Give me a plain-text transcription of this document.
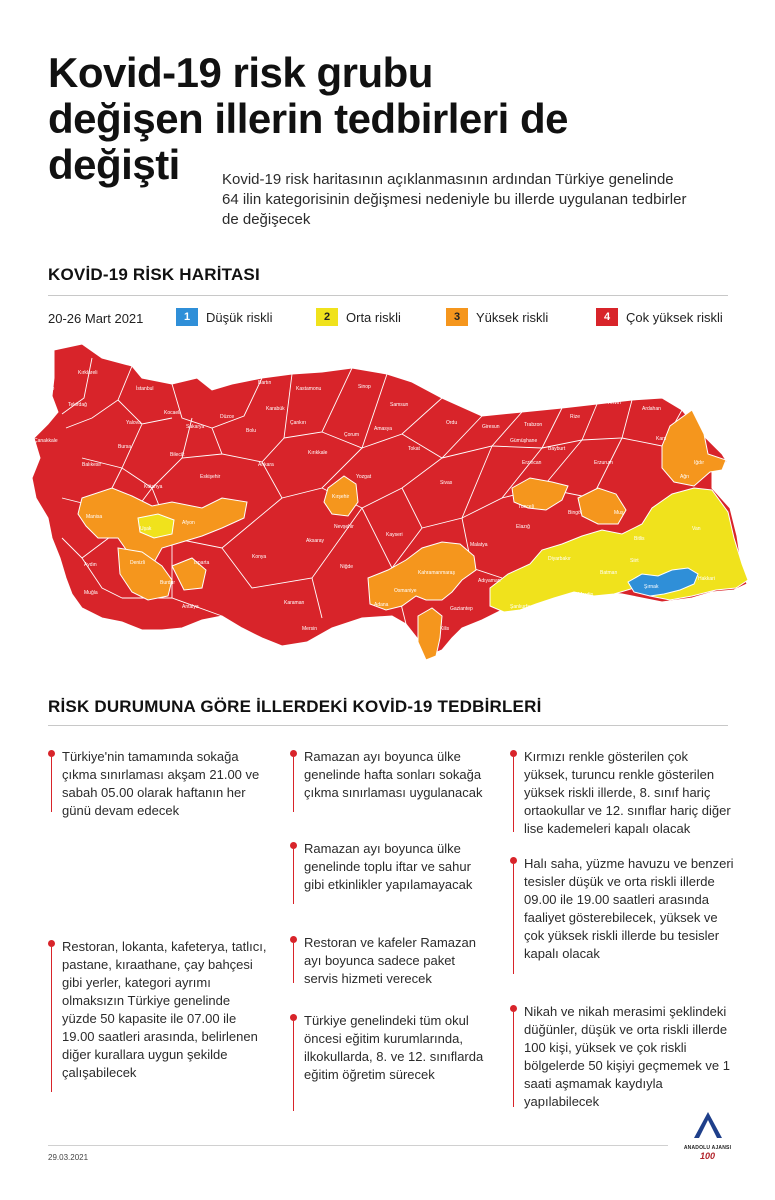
Kovid-19 risk grubu
değişen illerin tedbirleri de
değişti	Kovid-19 risk haritasının açıklanmasının ardından Türkiye genelinde 64 ilin kategorisinin değişmesi nedeniyle bu illerde uygulanan tedbirler de değişecek
KOVİD-19 RİSK HARİTASI
20-26 Mart 2021	1	Düşük riskli	2	Orta riskli	3	Yüksek riskli	4	Çok yüksek riskli
Edirne
Kırklareli
İstanbul
Tekirdağ
Çanakkale
Bartın
Kastamonu	Sinop
Samsun
Ordu
Giresun	Trabzon
Rize
Artvin
Ardahan
Kars
Iğdır
Ağrı
Erzurum
Gümüşhane
Bayburt
Erzincan
Kocaeli
Yalova
Sakarya
Düzce
Karabük
Bolu
Bilecik
Bursa
Balıkesir
Eskişehir
Kütahya
Ankara
Çankırı
Çorum
Amasya
Tokat
Sivas
Yozgat
Kırıkkale
Kırşehir
Nevşehir
Kayseri
Aksaray
Niğde
Konya
Karaman
Mersin
Adana
Osmaniye
Gaziantep
Kilis
Hatay
Kahramanmaraş
Adıyaman
Şanlıurfa
Malatya
Tunceli
Elazığ
Bingöl	Muş
Bitlis
Van
Hakkari
Şırnak
Siirt
Batman
Mardin
Diyarbakır
İzmir
Manisa
Uşak
Afyon
Aydın	Denizli
Muğla
Burdur
Isparta
Antalya
RİSK DURUMUNA GÖRE İLLERDEKİ KOVİD-19 TEDBİRLERİ

Türkiye'nin tamamında sokağa çıkma sınırlaması akşam 21.00 ve sabah 05.00 olarak haftanın her günü devam edecek

Restoran, lokanta, kafeterya, tatlıcı, pastane, kıraathane, çay bahçesi gibi yerler, kategori ayrımı olmaksızın Türkiye genelinde yüzde 50 kapasite ile 07.00 ile 19.00 saatleri arasında, belirlenen diğer kurallara uygun şekilde çalışabilecek

Ramazan ayı boyunca ülke genelinde hafta sonları sokağa çıkma sınırlaması uygulanacak

Ramazan ayı boyunca ülke genelinde toplu iftar ve sahur gibi etkinlikler yapılamayacak

Restoran ve kafeler Ramazan ayı boyunca sadece paket servis hizmeti verecek

Türkiye genelindeki tüm okul öncesi eğitim kurumlarında, ilkokullarda, 8. ve 12. sınıflarda eğitim öğretim sürecek

Kırmızı renkle gösterilen çok yüksek, turuncu renkle gösterilen yüksek riskli illerde, 8. sınıf hariç ortaokullar ve 12. sınıflar hariç diğer lise kademeleri kapalı olacak

Halı saha, yüzme havuzu ve benzeri tesisler düşük ve orta riskli illerde 09.00 ile 19.00 saatleri arasında faaliyet gösterebilecek, yüksek ve çok yüksek riskli illerde bu tesisler kapalı olacak

Nikah ve nikah merasimi şeklindeki düğünler, düşük ve orta riskli illerde 100 kişi, yüksek ve çok riskli bölgelerde 50 kişiyi geçmemek ve 1 saati aşmamak kaydıyla yapılabilecek

29.03.2021
ANADOLU AJANSI
100
